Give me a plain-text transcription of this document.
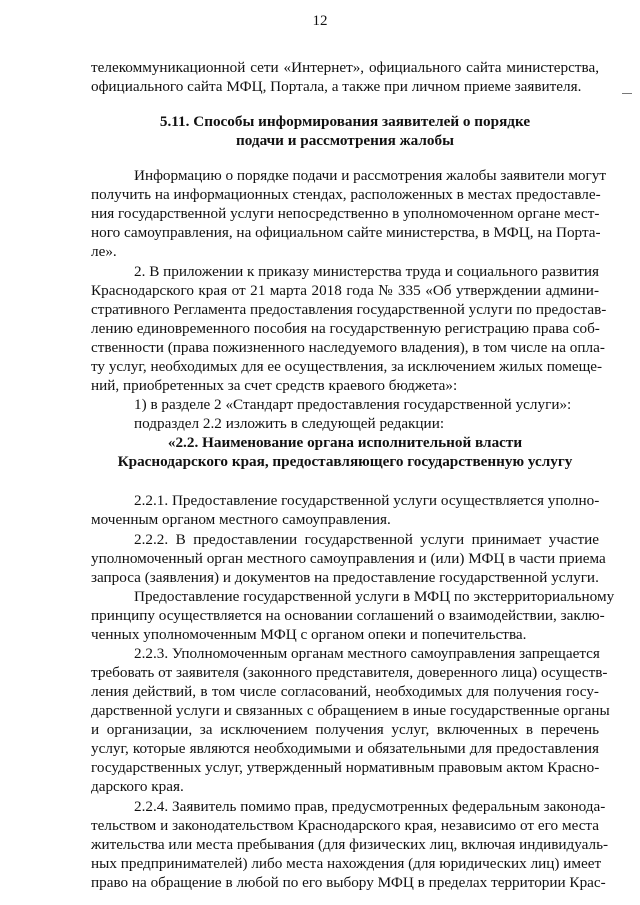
12
телекоммуникационной сети «Интернет», официального сайта министерства,
официального сайта МФЦ, Портала, а также при личном приеме заявителя.
5.11. Способы информирования заявителей о порядке
подачи и рассмотрения жалобы
Информацию о порядке подачи и рассмотрения жалобы заявители могут
получить на информационных стендах, расположенных в местах предоставле-
ния государственной услуги непосредственно в уполномоченном органе мест-
ного самоуправления, на официальном сайте министерства, в МФЦ, на Порта-
ле».
2. В приложении к приказу министерства труда и социального развития
Краснодарского края от 21 марта 2018 года № 335 «Об утверждении админи-
стративного Регламента предоставления государственной услуги по предостав-
лению единовременного пособия на государственную регистрацию права соб-
ственности (права пожизненного наследуемого владения), в том числе на опла-
ту услуг, необходимых для ее осуществления, за исключением жилых помеще-
ний, приобретенных за счет средств краевого бюджета»:
1) в разделе 2 «Стандарт предоставления государственной услуги»:
подраздел 2.2 изложить в следующей редакции:
«2.2. Наименование органа исполнительной власти
Краснодарского края, предоставляющего государственную услугу
2.2.1. Предоставление государственной услуги осуществляется уполно-
моченным органом местного самоуправления.
2.2.2. В предоставлении государственной услуги принимает участие
уполномоченный орган местного самоуправления и (или) МФЦ в части приема
запроса (заявления) и документов на предоставление государственной услуги.
Предоставление государственной услуги в МФЦ по экстерриториальному
принципу осуществляется на основании соглашений о взаимодействии, заклю-
ченных уполномоченным МФЦ с органом опеки и попечительства.
2.2.3. Уполномоченным органам местного самоуправления запрещается
требовать от заявителя (законного представителя, доверенного лица) осуществ-
ления действий, в том числе согласований, необходимых для получения госу-
дарственной услуги и связанных с обращением в иные государственные органы
и организации, за исключением получения услуг, включенных в перечень
услуг, которые являются необходимыми и обязательными для предоставления
государственных услуг, утвержденный нормативным правовым актом Красно-
дарского края.
2.2.4. Заявитель помимо прав, предусмотренных федеральным законода-
тельством и законодательством Краснодарского края, независимо от его места
жительства или места пребывания (для физических лиц, включая индивидуаль-
ных предпринимателей) либо места нахождения (для юридических лиц) имеет
право на обращение в любой по его выбору МФЦ в пределах территории Крас-
